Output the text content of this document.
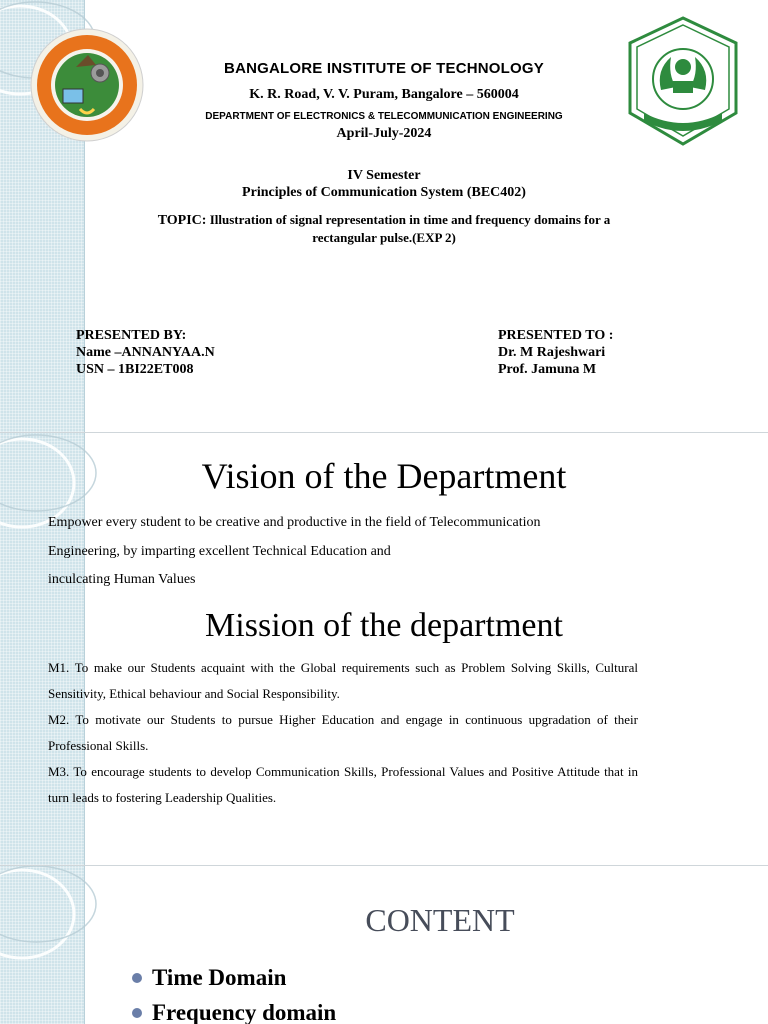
BANGALORE INSTITUTE OF TECHNOLOGY
K. R. Road, V. V. Puram, Bangalore – 560004
DEPARTMENT OF ELECTRONICS & TELECOMMUNICATION ENGINEERING
April-July-2024
IV Semester
Principles of Communication System (BEC402)
TOPIC: Illustration of signal representation in time and frequency domains for a rectangular pulse.(EXP 2)
PRESENTED BY:
Name –ANNANYAA.N
USN – 1BI22ET008
PRESENTED TO :
Dr. M Rajeshwari
Prof. Jamuna M
Vision of the Department
Empower every student to be creative and productive in the field of Telecommunication
Engineering, by imparting excellent Technical Education and
inculcating Human Values
Mission of the department

M1. To make our Students acquaint with the Global requirements such as Problem Solving Skills, Cultural Sensitivity, Ethical behaviour and Social Responsibility.

M2. To motivate our Students to pursue Higher Education and engage in continuous upgradation of their Professional Skills.

M3. To encourage students to develop Communication Skills, Professional Values and Positive Attitude that in turn leads to fostering Leadership Qualities.

CONTENT
Time Domain
Frequency domain
